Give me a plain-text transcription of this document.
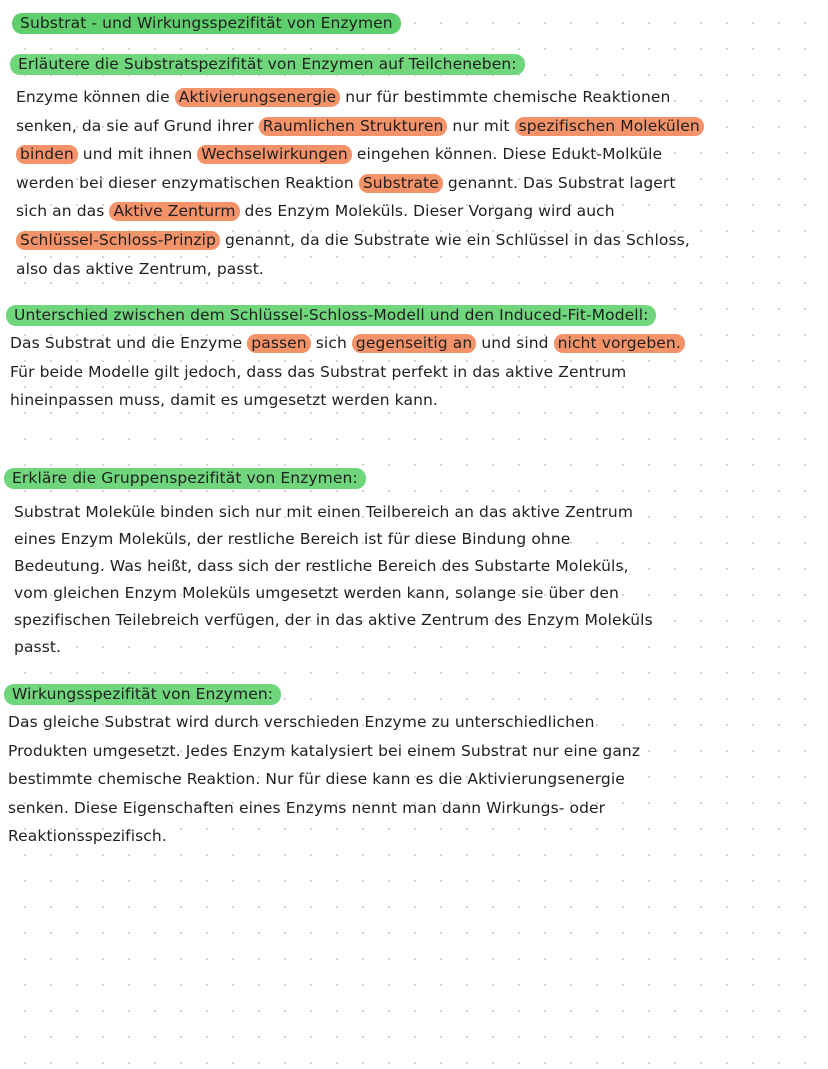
Substrat - und Wirkungsspezifität von Enzymen
Erläutere die Substratspezifität von Enzymen auf Teilcheneben:
Enzyme können die Aktivierungsenergie nur für bestimmte chemische Reaktionen
senken, da sie auf Grund ihrer Raumlichen Strukturen nur mit spezifischen Molekülen
binden und mit ihnen Wechselwirkungen eingehen können. Diese Edukt-Molküle
werden bei dieser enzymatischen Reaktion Substrate genannt. Das Substrat lagert
sich an das Aktive Zenturm des Enzym Moleküls. Dieser Vorgang wird auch
Schlüssel-Schloss-Prinzip genannt, da die Substrate wie ein Schlüssel in das Schloss,
also das aktive Zentrum, passt.
Unterschied zwischen dem Schlüssel-Schloss-Modell und den Induced-Fit-Modell:
Das Substrat und die Enzyme passen sich gegenseitig an und sind nicht vorgeben.
Für beide Modelle gilt jedoch, dass das Substrat perfekt in das aktive Zentrum
hineinpassen muss, damit es umgesetzt werden kann.
Erkläre die Gruppenspezifität von Enzymen:
Substrat Moleküle binden sich nur mit einen Teilbereich an das aktive Zentrum
eines Enzym Moleküls, der restliche Bereich ist für diese Bindung ohne
Bedeutung. Was heißt, dass sich der restliche Bereich des Substarte Moleküls,
vom gleichen Enzym Moleküls umgesetzt werden kann, solange sie über den
spezifischen Teilebreich verfügen, der in das aktive Zentrum des Enzym Moleküls
passt.
Wirkungsspezifität von Enzymen:
Das gleiche Substrat wird durch verschieden Enzyme zu unterschiedlichen
Produkten umgesetzt. Jedes Enzym katalysiert bei einem Substrat nur eine ganz
bestimmte chemische Reaktion. Nur für diese kann es die Aktivierungsenergie
senken. Diese Eigenschaften eines Enzyms nennt man dann Wirkungs- oder
Reaktionsspezifisch.
